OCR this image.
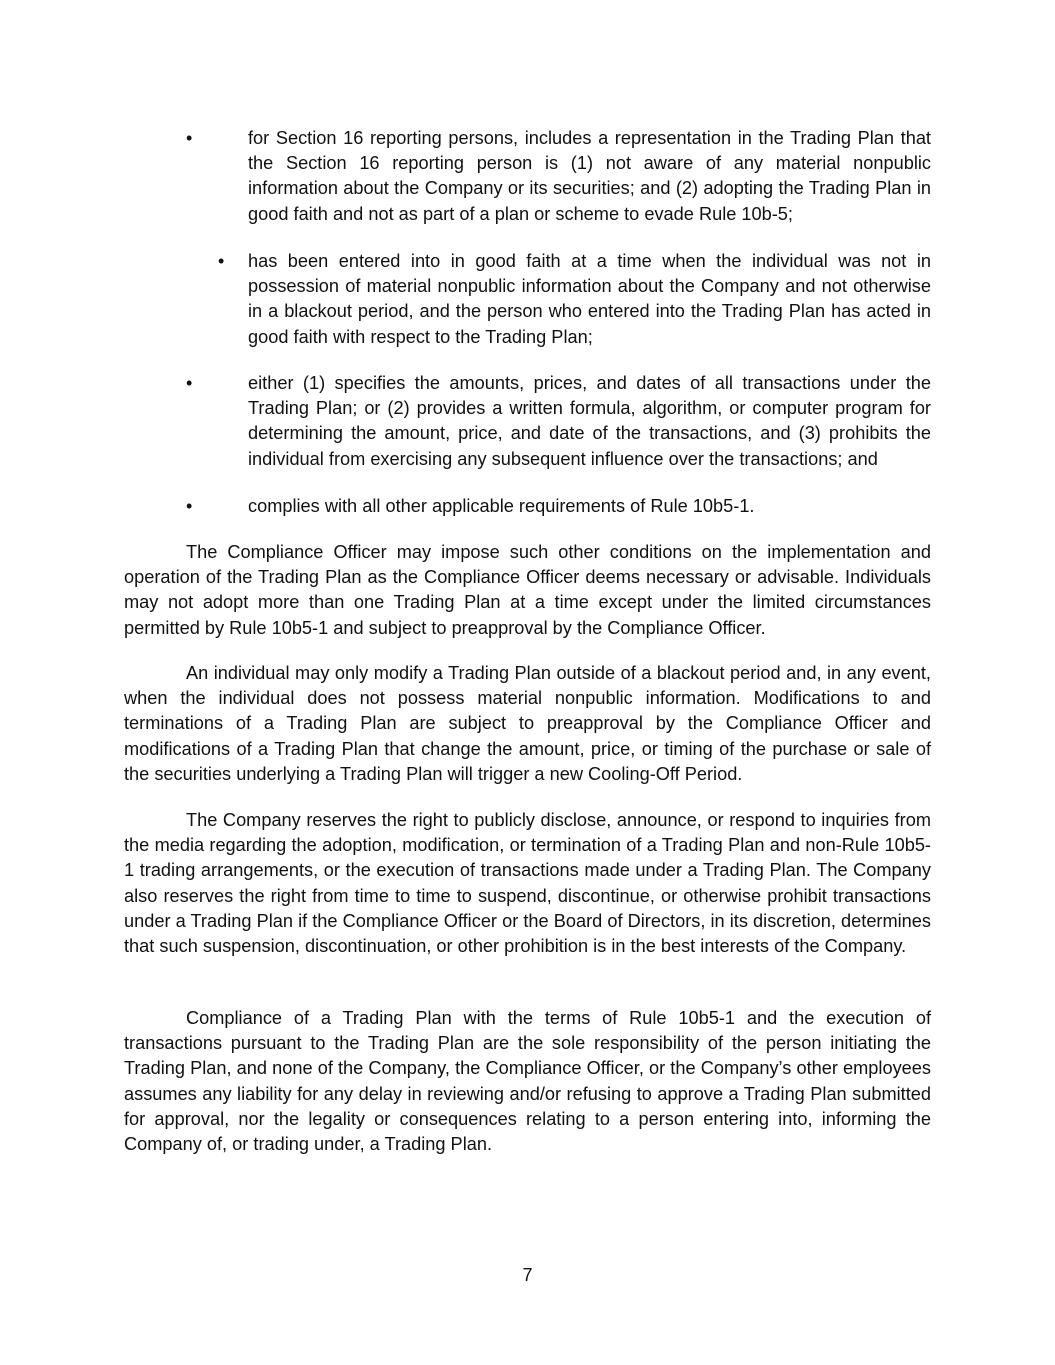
•	for Section 16 reporting persons, includes a representation in the Trading Plan that the Section 16 reporting person is (1) not aware of any material nonpublic information about the Company or its securities; and (2) adopting the Trading Plan in good faith and not as part of a plan or scheme to evade Rule 10b-5;
• has been entered into in good faith at a time when the individual was not in possession of material nonpublic information about the Company and not otherwise in a blackout period, and the person who entered into the Trading Plan has acted in good faith with respect to the Trading Plan;
•	either (1) specifies the amounts, prices, and dates of all transactions under the Trading Plan; or (2) provides a written formula, algorithm, or computer program for determining the amount, price, and date of the transactions, and (3) prohibits the individual from exercising any subsequent influence over the transactions; and
•	complies with all other applicable requirements of Rule 10b5-1.

The Compliance Officer may impose such other conditions on the implementation and operation of the Trading Plan as the Compliance Officer deems necessary or advisable. Individuals may not adopt more than one Trading Plan at a time except under the limited circumstances permitted by Rule 10b5-1 and subject to preapproval by the Compliance Officer.

An individual may only modify a Trading Plan outside of a blackout period and, in any event, when the individual does not possess material nonpublic information. Modifications to and terminations of a Trading Plan are subject to preapproval by the Compliance Officer and modifications of a Trading Plan that change the amount, price, or timing of the purchase or sale of the securities underlying a Trading Plan will trigger a new Cooling-Off Period.

The Company reserves the right to publicly disclose, announce, or respond to inquiries from the media regarding the adoption, modification, or termination of a Trading Plan and non-Rule 10b5-1 trading arrangements, or the execution of transactions made under a Trading Plan. The Company also reserves the right from time to time to suspend, discontinue, or otherwise prohibit transactions under a Trading Plan if the Compliance Officer or the Board of Directors, in its discretion, determines that such suspension, discontinuation, or other prohibition is in the best interests of the Company.

Compliance of a Trading Plan with the terms of Rule 10b5-1 and the execution of transactions pursuant to the Trading Plan are the sole responsibility of the person initiating the Trading Plan, and none of the Company, the Compliance Officer, or the Company’s other employees assumes any liability for any delay in reviewing and/or refusing to approve a Trading Plan submitted for approval, nor the legality or consequences relating to a person entering into, informing the Company of, or trading under, a Trading Plan.

7
